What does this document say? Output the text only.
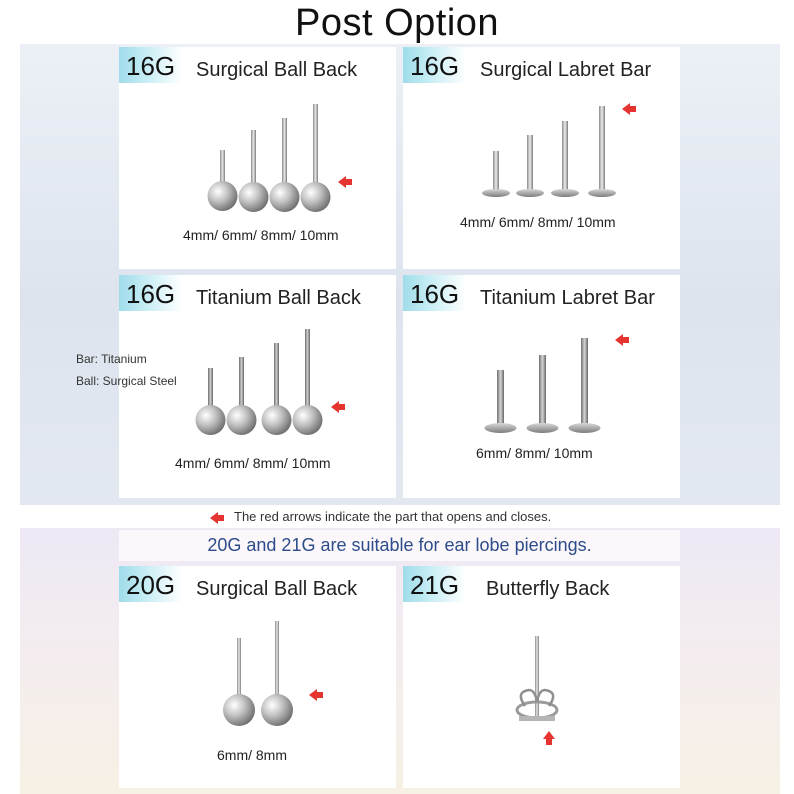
Post Option
16G	Surgical Ball Back
4mm/ 6mm/ 8mm/ 10mm
16G	Surgical Labret Bar
4mm/ 6mm/ 8mm/ 10mm
16G	Titanium Ball Back
4mm/ 6mm/ 8mm/ 10mm
16G	Titanium Labret Bar
6mm/ 8mm/ 10mm
Bar: Titanium
Ball: Surgical Steel
The red arrows indicate the part that opens and closes.
20G and 21G are suitable for ear lobe piercings.
20G	Surgical Ball Back
6mm/ 8mm
21G	Butterfly Back
